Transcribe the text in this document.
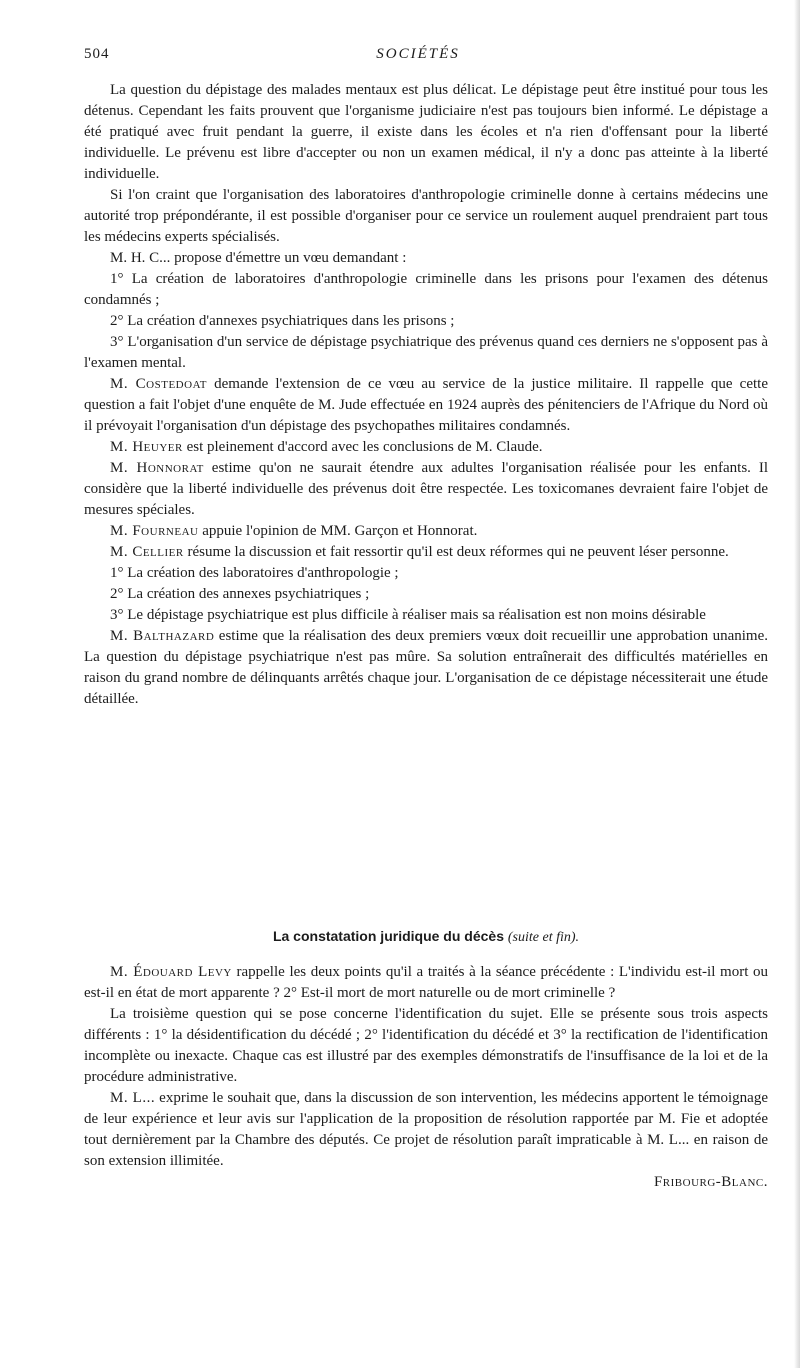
504	SOCIÉTÉS

La question du dépistage des malades mentaux est plus délicat. Le dépistage peut être institué pour tous les détenus. Cependant les faits prouvent que l'organisme judiciaire n'est pas toujours bien informé. Le dépistage a été pratiqué avec fruit pendant la guerre, il existe dans les écoles et n'a rien d'offensant pour la liberté individuelle. Le prévenu est libre d'accepter ou non un examen médical, il n'y a donc pas atteinte à la liberté individuelle.

Si l'on craint que l'organisation des laboratoires d'anthropologie criminelle donne à certains médecins une autorité trop prépondérante, il est possible d'organiser pour ce service un roulement auquel prendraient part tous les médecins experts spécialisés.

M. H. C... propose d'émettre un vœu demandant :

1° La création de laboratoires d'anthropologie criminelle dans les prisons pour l'examen des détenus condamnés ;

2° La création d'annexes psychiatriques dans les prisons ;

3° L'organisation d'un service de dépistage psychiatrique des prévenus quand ces derniers ne s'opposent pas à l'examen mental.

M. Costedoat demande l'extension de ce vœu au service de la justice militaire. Il rappelle que cette question a fait l'objet d'une enquête de M. Jude effectuée en 1924 auprès des pénitenciers de l'Afrique du Nord où il prévoyait l'organisation d'un dépistage des psychopathes militaires condamnés.

M. Heuyer est pleinement d'accord avec les conclusions de M. Claude.

M. Honnorat estime qu'on ne saurait étendre aux adultes l'organisation réalisée pour les enfants. Il considère que la liberté individuelle des prévenus doit être respectée. Les toxicomanes devraient faire l'objet de mesures spéciales.

M. Fourneau appuie l'opinion de MM. Garçon et Honnorat.

M. Cellier résume la discussion et fait ressortir qu'il est deux réformes qui ne peuvent léser personne.

1° La création des laboratoires d'anthropologie ;

2° La création des annexes psychiatriques ;

3° Le dépistage psychiatrique est plus difficile à réaliser mais sa réalisation est non moins désirable

M. Balthazard estime que la réalisation des deux premiers vœux doit recueillir une approbation unanime. La question du dépistage psychiatrique n'est pas mûre. Sa solution entraînerait des difficultés matérielles en raison du grand nombre de délinquants arrêtés chaque jour. L'organisation de ce dépistage nécessiterait une étude détaillée.

La constatation juridique du décès (suite et fin).

M. Édouard Levy rappelle les deux points qu'il a traités à la séance précédente : L'individu est-il mort ou est-il en état de mort apparente ? 2° Est-il mort de mort naturelle ou de mort criminelle ?

La troisième question qui se pose concerne l'identification du sujet. Elle se présente sous trois aspects différents : 1° la désidentification du décédé ; 2° l'identification du décédé et 3° la rectification de l'identification incomplète ou inexacte. Chaque cas est illustré par des exemples démonstratifs de l'insuffisance de la loi et de la procédure administrative.

M. L... exprime le souhait que, dans la discussion de son intervention, les médecins apportent le témoignage de leur expérience et leur avis sur l'application de la proposition de résolution rapportée par M. Fie et adoptée tout dernièrement par la Chambre des députés. Ce projet de résolution paraît impraticable à M. L... en raison de son extension illimitée.

Fribourg-Blanc.
